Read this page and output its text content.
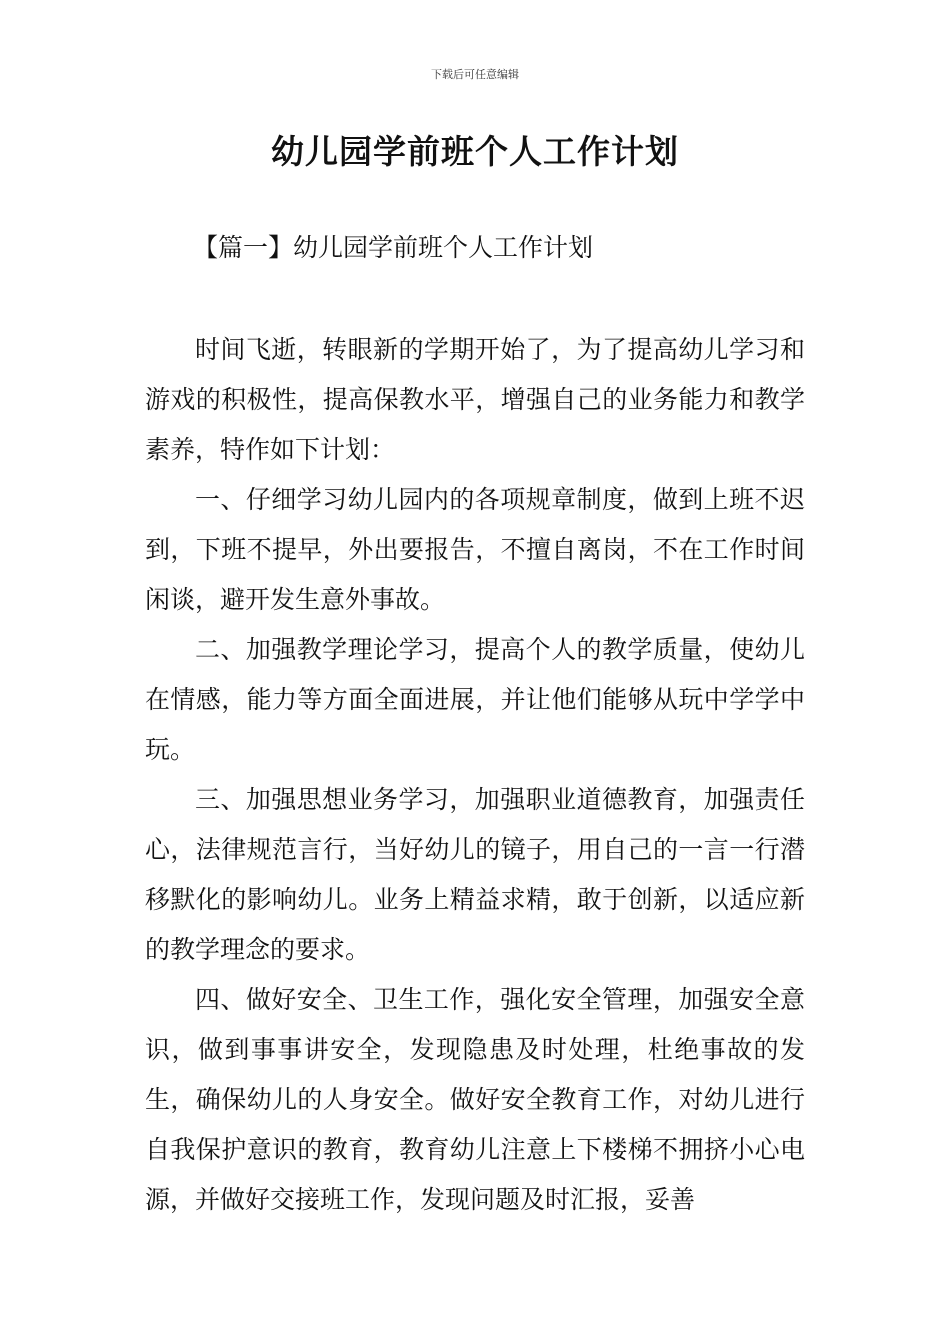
下载后可任意编辑
幼儿园学前班个人工作计划
【篇一】幼儿园学前班个人工作计划

时间飞逝，转眼新的学期开始了，为了提高幼儿学习和游戏的积极性，提高保教水平，增强自己的业务能力和教学素养，特作如下计划：

一、仔细学习幼儿园内的各项规章制度，做到上班不迟到，下班不提早，外出要报告，不擅自离岗，不在工作时间闲谈，避开发生意外事故。

二、加强教学理论学习，提高个人的教学质量，使幼儿在情感，能力等方面全面进展，并让他们能够从玩中学学中玩。

三、加强思想业务学习，加强职业道德教育，加强责任心，法律规范言行，当好幼儿的镜子，用自己的一言一行潜移默化的影响幼儿。业务上精益求精，敢于创新，以适应新的教学理念的要求。

四、做好安全、卫生工作，强化安全管理，加强安全意识，做到事事讲安全，发现隐患及时处理，杜绝事故的发生，确保幼儿的人身安全。做好安全教育工作，对幼儿进行自我保护意识的教育，教育幼儿注意上下楼梯不拥挤小心电源，并做好交接班工作，发现问题及时汇报，妥善
